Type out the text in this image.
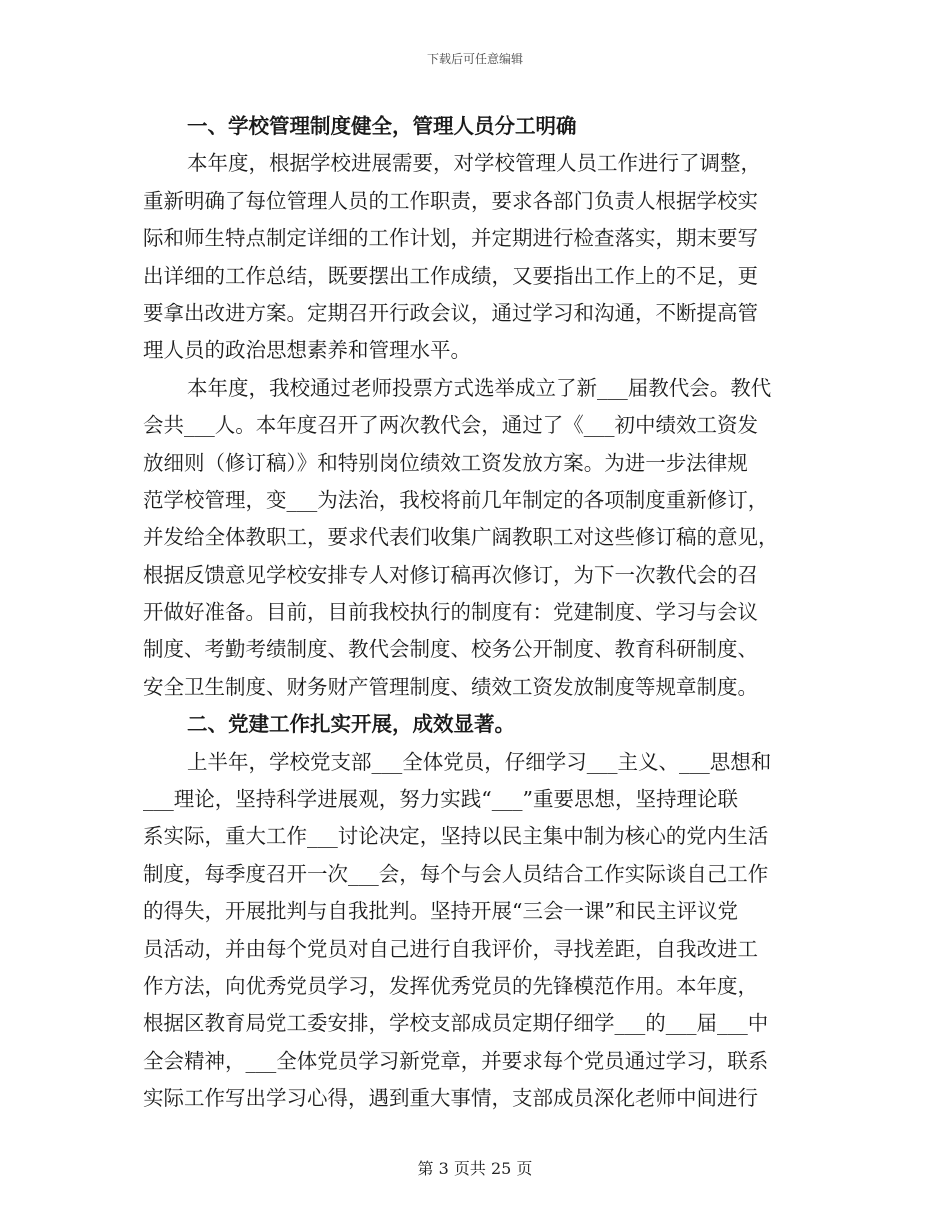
下载后可任意编辑
一、学校管理制度健全，管理人员分工明确
本年度，根据学校进展需要，对学校管理人员工作进行了调整，
重新明确了每位管理人员的工作职责，要求各部门负责人根据学校实
际和师生特点制定详细的工作计划，并定期进行检查落实，期末要写
出详细的工作总结，既要摆出工作成绩，又要指出工作上的不足，更
要拿出改进方案。定期召开行政会议，通过学习和沟通，不断提高管
理人员的政治思想素养和管理水平。
本年度，我校通过老师投票方式选举成立了新___届教代会。教代
会共___人。本年度召开了两次教代会，通过了《___初中绩效工资发
放细则（修订稿）》和特别岗位绩效工资发放方案。为进一步法律规
范学校管理，变___为法治，我校将前几年制定的各项制度重新修订，
并发给全体教职工，要求代表们收集广阔教职工对这些修订稿的意见，
根据反馈意见学校安排专人对修订稿再次修订，为下一次教代会的召
开做好准备。目前，目前我校执行的制度有：党建制度、学习与会议
制度、考勤考绩制度、教代会制度、校务公开制度、教育科研制度、
安全卫生制度、财务财产管理制度、绩效工资发放制度等规章制度。
二、党建工作扎实开展，成效显著。
上半年，学校党支部___全体党员，仔细学习___主义、___思想和
___理论，坚持科学进展观，努力实践“___”重要思想，坚持理论联
系实际，重大工作___讨论决定，坚持以民主集中制为核心的党内生活
制度，每季度召开一次___会，每个与会人员结合工作实际谈自己工作
的得失，开展批判与自我批判。坚持开展“三会一课”和民主评议党
员活动，并由每个党员对自己进行自我评价，寻找差距，自我改进工
作方法，向优秀党员学习，发挥优秀党员的先锋模范作用。本年度，
根据区教育局党工委安排，学校支部成员定期仔细学___的___届___中
全会精神，___全体党员学习新党章，并要求每个党员通过学习，联系
实际工作写出学习心得，遇到重大事情，支部成员深化老师中间进行
第 3 页共 25 页
